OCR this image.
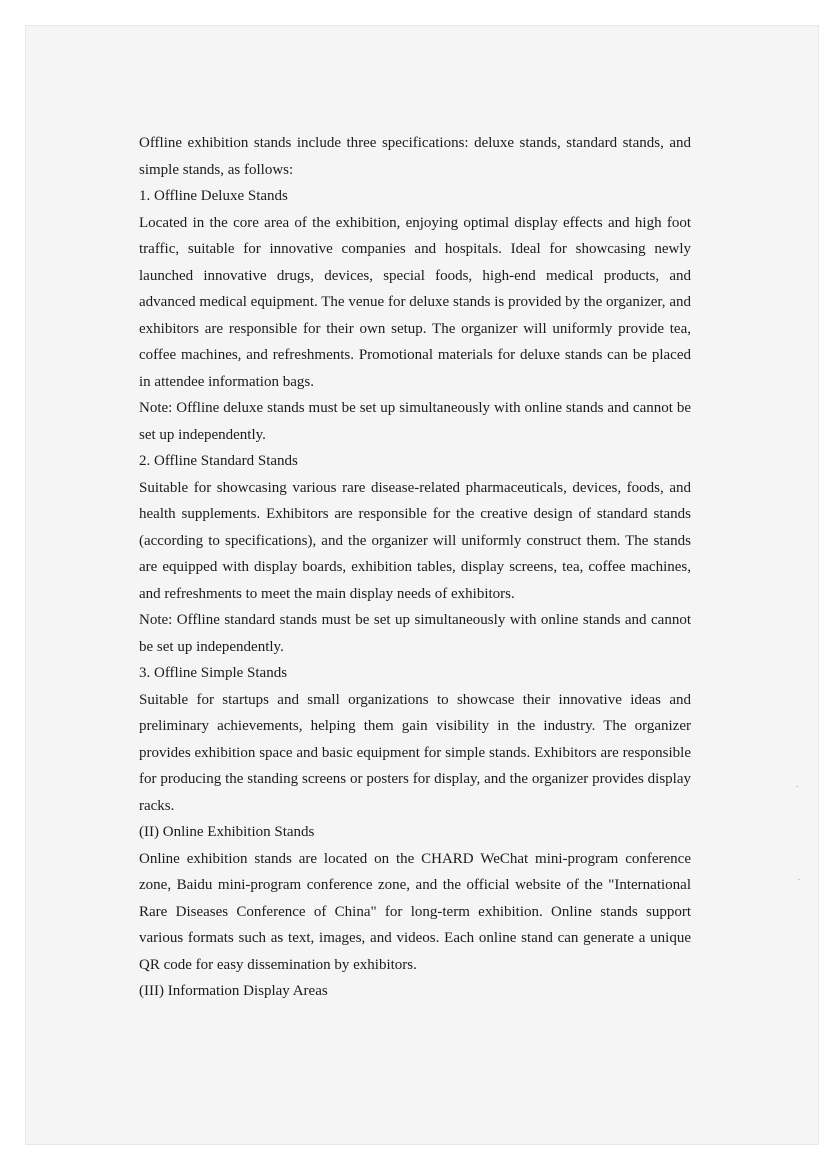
Offline exhibition stands include three specifications: deluxe stands, standard stands, and simple stands, as follows:

1. Offline Deluxe Stands

Located in the core area of the exhibition, enjoying optimal display effects and high foot traffic, suitable for innovative companies and hospitals. Ideal for showcasing newly launched innovative drugs, devices, special foods, high-end medical products, and advanced medical equipment. The venue for deluxe stands is provided by the organizer, and exhibitors are responsible for their own setup. The organizer will uniformly provide tea, coffee machines, and refreshments. Promotional materials for deluxe stands can be placed in attendee information bags.

Note: Offline deluxe stands must be set up simultaneously with online stands and cannot be set up independently.

2. Offline Standard Stands

Suitable for showcasing various rare disease-related pharmaceuticals, devices, foods, and health supplements. Exhibitors are responsible for the creative design of standard stands (according to specifications), and the organizer will uniformly construct them. The stands are equipped with display boards, exhibition tables, display screens, tea, coffee machines, and refreshments to meet the main display needs of exhibitors.

Note: Offline standard stands must be set up simultaneously with online stands and cannot be set up independently.

3. Offline Simple Stands

Suitable for startups and small organizations to showcase their innovative ideas and preliminary achievements, helping them gain visibility in the industry. The organizer provides exhibition space and basic equipment for simple stands. Exhibitors are responsible for producing the standing screens or posters for display, and the organizer provides display racks.

(II) Online Exhibition Stands

Online exhibition stands are located on the CHARD WeChat mini-program conference zone, Baidu mini-program conference zone, and the official website of the "International Rare Diseases Conference of China" for long-term exhibition. Online stands support various formats such as text, images, and videos. Each online stand can generate a unique QR code for easy dissemination by exhibitors.

(III) Information Display Areas
